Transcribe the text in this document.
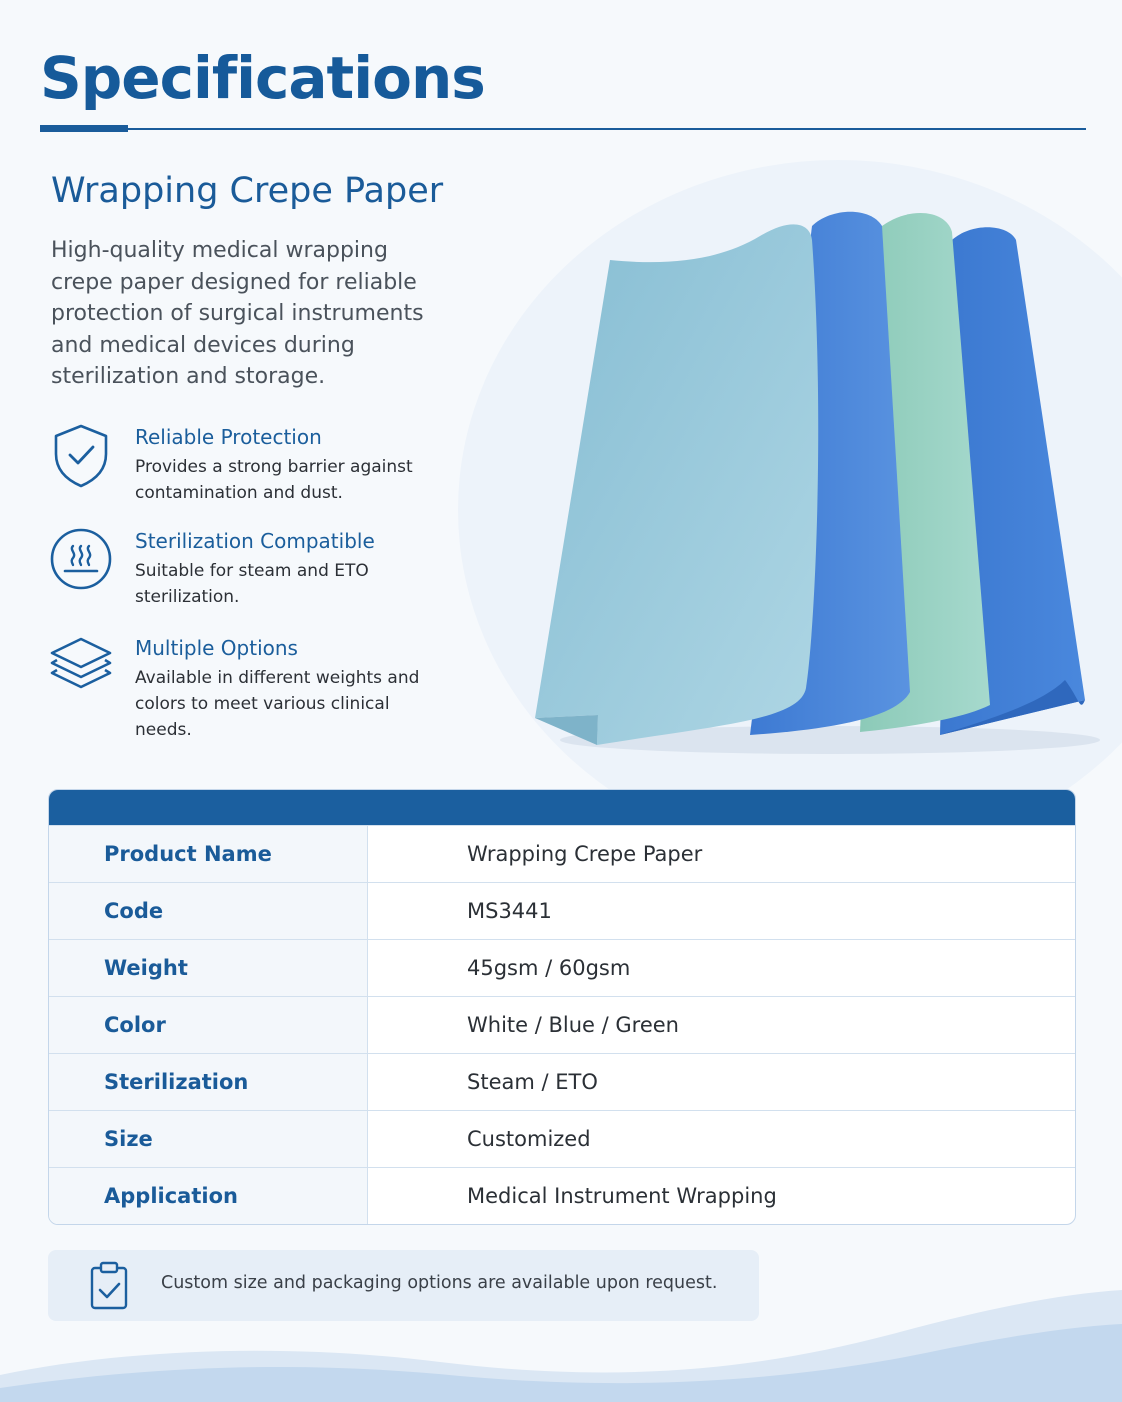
Specifications
Wrapping Crepe Paper

High-quality medical wrapping crepe paper designed for reliable protection of surgical instruments and medical devices during sterilization and storage.

Reliable Protection

Provides a strong barrier against contamination and dust.

Sterilization Compatible

Suitable for steam and ETO sterilization.

Multiple Options

Available in different weights and colors to meet various clinical needs.

Product Name	Wrapping Crepe Paper
Code	MS3441
Weight	45gsm / 60gsm
Color	White / Blue / Green
Sterilization	Steam / ETO
Size	Customized
Application	Medical Instrument Wrapping
Custom size and packaging options are available upon request.
